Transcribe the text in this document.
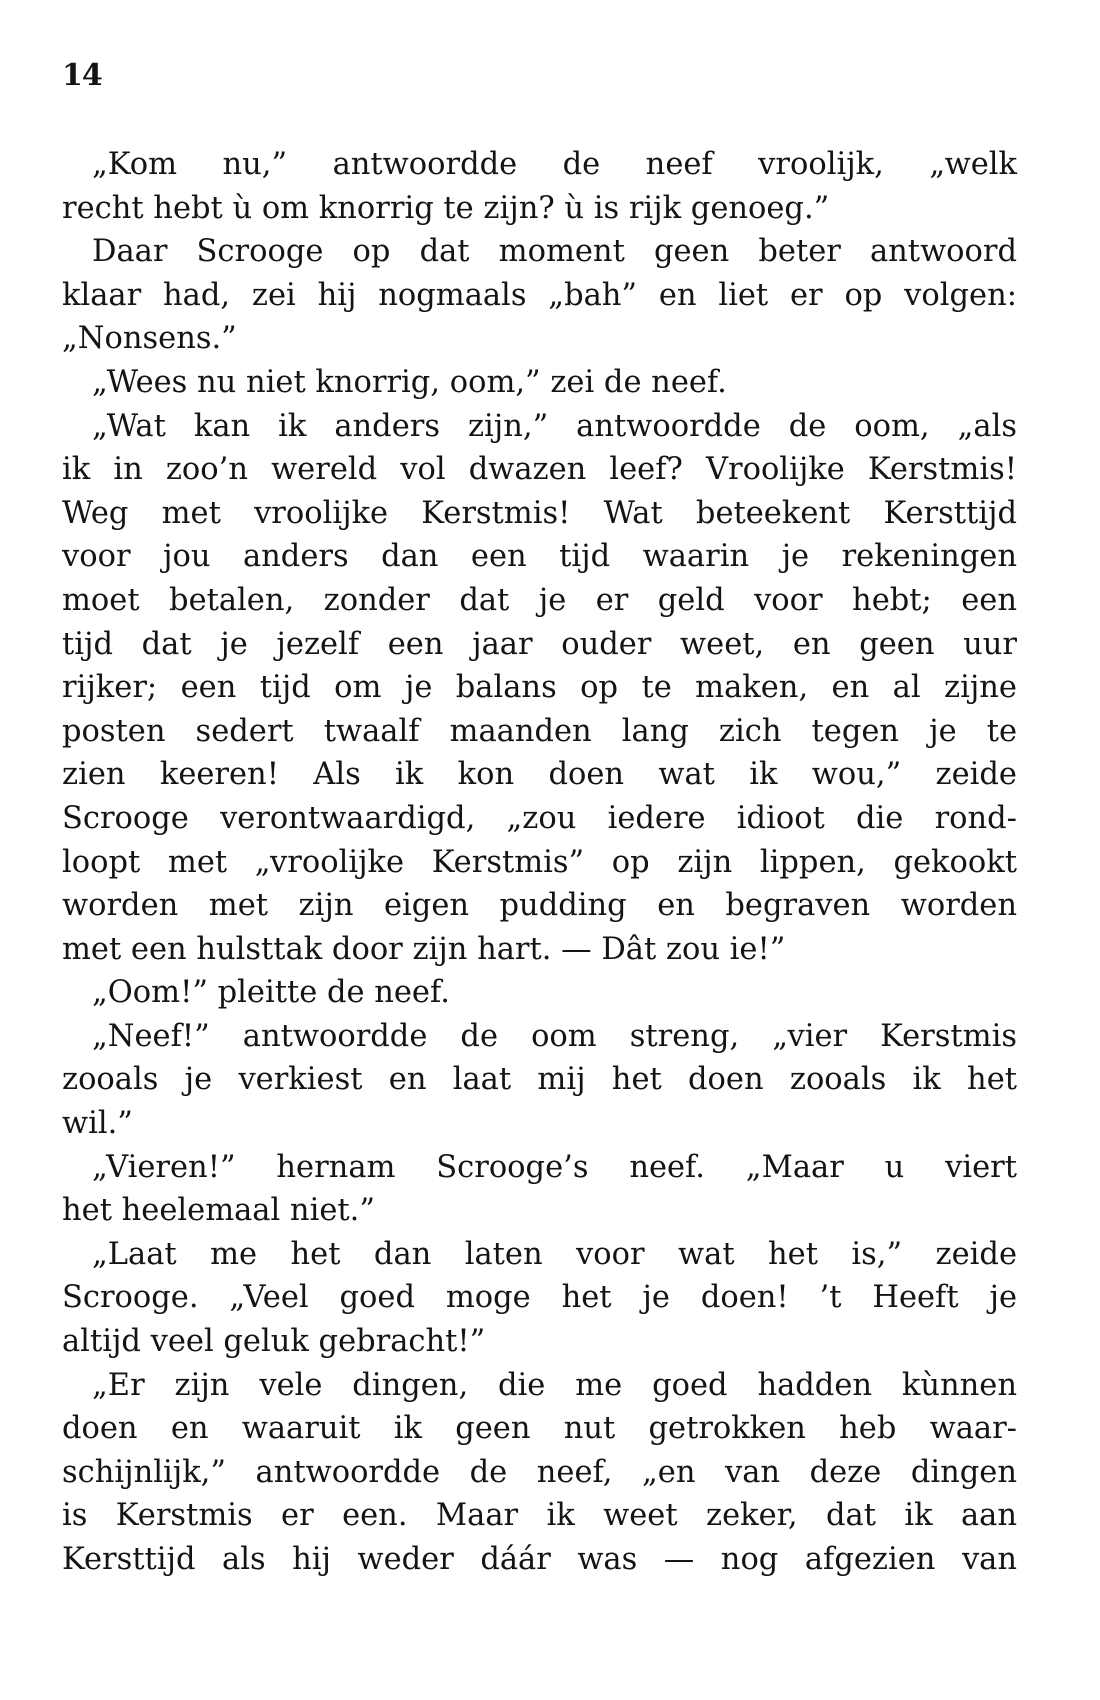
14
„Kom nu,” antwoordde de neef vroolijk, „welk
recht hebt ù om knorrig te zijn? ù is rijk genoeg.”
Daar Scrooge op dat moment geen beter antwoord
klaar had, zei hij nogmaals „bah” en liet er op volgen:
„Nonsens.”
„Wees nu niet knorrig, oom,” zei de neef.
„Wat kan ik anders zijn,” antwoordde de oom, „als
ik in zoo’n wereld vol dwazen leef? Vroolijke Kerstmis!
Weg met vroolijke Kerstmis! Wat beteekent Kersttijd
voor jou anders dan een tijd waarin je rekeningen
moet betalen, zonder dat je er geld voor hebt; een
tijd dat je jezelf een jaar ouder weet, en geen uur
rijker; een tijd om je balans op te maken, en al zijne
posten sedert twaalf maanden lang zich tegen je te
zien keeren! Als ik kon doen wat ik wou,” zeide
Scrooge verontwaardigd, „zou iedere idioot die rond-
loopt met „vroolijke Kerstmis” op zijn lippen, gekookt
worden met zijn eigen pudding en begraven worden
met een hulsttak door zijn hart. — Dât zou ie!”
„Oom!” pleitte de neef.
„Neef!” antwoordde de oom streng, „vier Kerstmis
zooals je verkiest en laat mij het doen zooals ik het
wil.”
„Vieren!” hernam Scrooge’s neef. „Maar u viert
het heelemaal niet.”
„Laat me het dan laten voor wat het is,” zeide
Scrooge. „Veel goed moge het je doen! ’t Heeft je
altijd veel geluk gebracht!”
„Er zijn vele dingen, die me goed hadden kùnnen
doen en waaruit ik geen nut getrokken heb waar-
schijnlijk,” antwoordde de neef, „en van deze dingen
is Kerstmis er een. Maar ik weet zeker, dat ik aan
Kersttijd als hij weder dáár was — nog afgezien van
